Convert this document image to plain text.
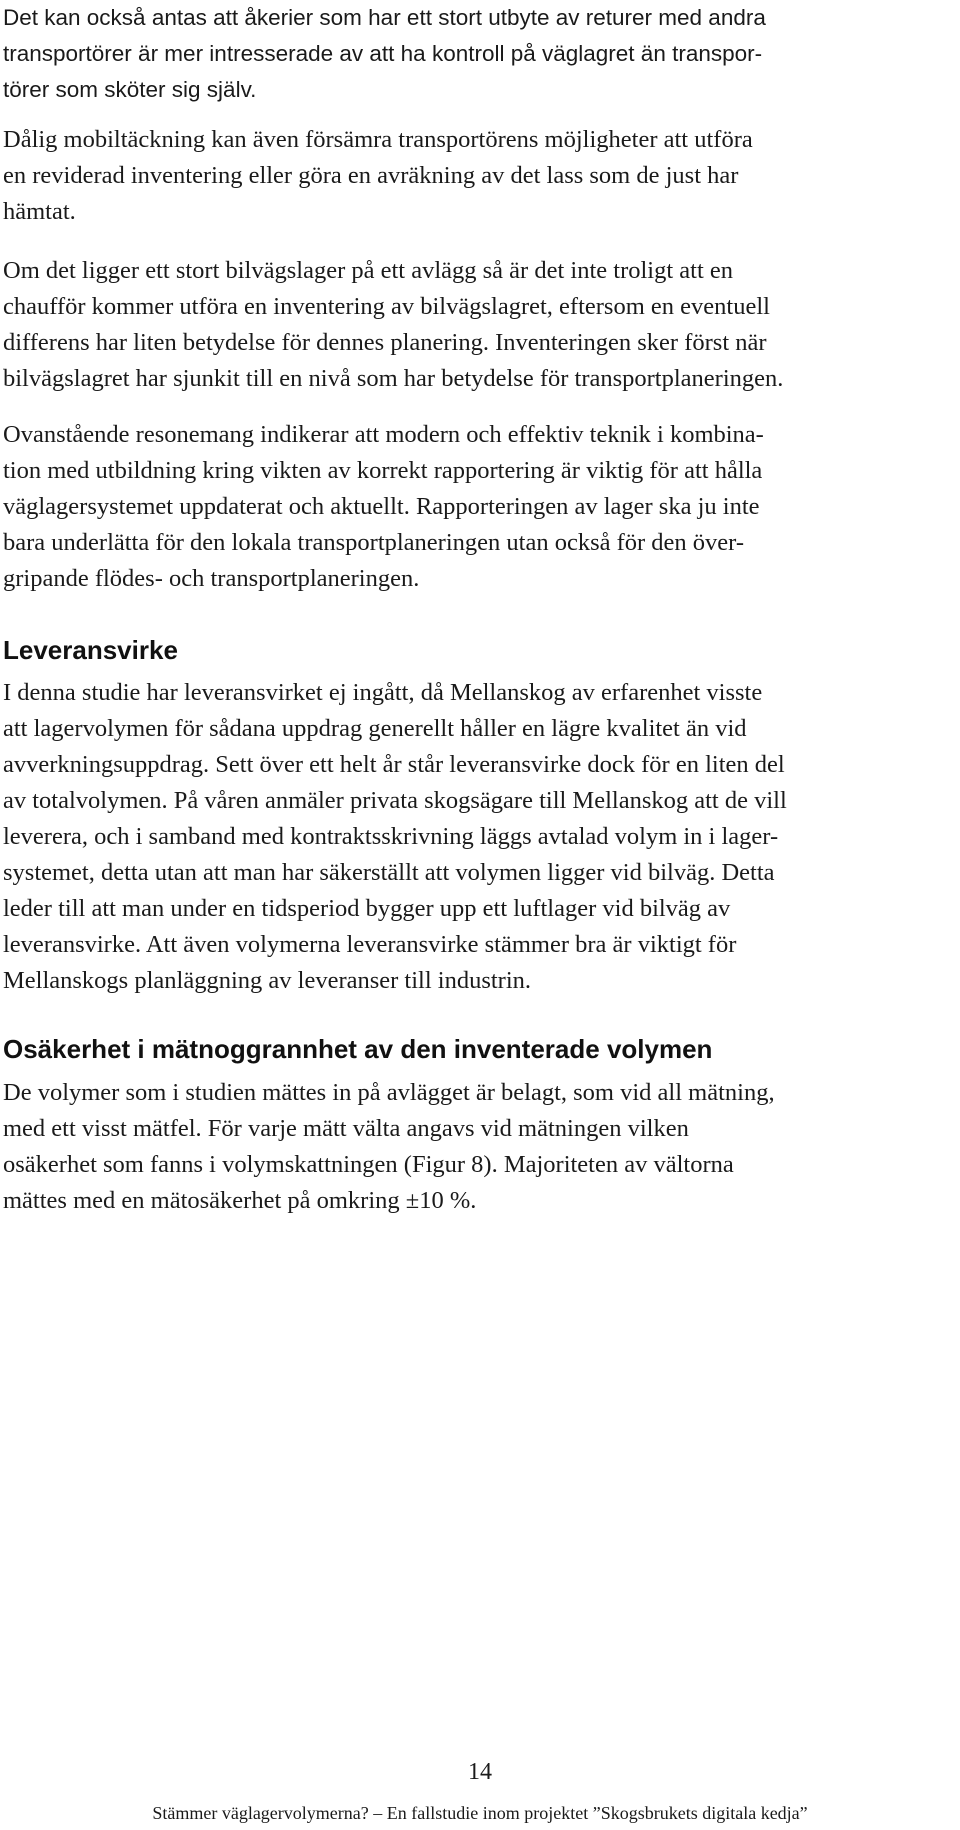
Det kan också antas att åkerier som har ett stort utbyte av returer med andra
transportörer är mer intresserade av att ha kontroll på väglagret än transpor-
törer som sköter sig själv.

Dålig mobiltäckning kan även försämra transportörens möjligheter att utföra
en reviderad inventering eller göra en avräkning av det lass som de just har
hämtat.

Om det ligger ett stort bilvägslager på ett avlägg så är det inte troligt att en
chaufför kommer utföra en inventering av bilvägslagret, eftersom en eventuell
differens har liten betydelse för dennes planering. Inventeringen sker först när
bilvägslagret har sjunkit till en nivå som har betydelse för transportplaneringen.

Ovanstående resonemang indikerar att modern och effektiv teknik i kombina-
tion med utbildning kring vikten av korrekt rapportering är viktig för att hålla
väglagersystemet uppdaterat och aktuellt. Rapporteringen av lager ska ju inte
bara underlätta för den lokala transportplaneringen utan också för den över-
gripande flödes- och transportplaneringen.

Leveransvirke

I denna studie har leveransvirket ej ingått, då Mellanskog av erfarenhet visste
att lagervolymen för sådana uppdrag generellt håller en lägre kvalitet än vid
avverkningsuppdrag. Sett över ett helt år står leveransvirke dock för en liten del
av totalvolymen. På våren anmäler privata skogsägare till Mellanskog att de vill
leverera, och i samband med kontraktsskrivning läggs avtalad volym in i lager-
systemet, detta utan att man har säkerställt att volymen ligger vid bilväg. Detta
leder till att man under en tidsperiod bygger upp ett luftlager vid bilväg av
leveransvirke. Att även volymerna leveransvirke stämmer bra är viktigt för
Mellanskogs planläggning av leveranser till industrin.

Osäkerhet i mätnoggrannhet av den inventerade volymen

De volymer som i studien mättes in på avlägget är belagt, som vid all mätning,
med ett visst mätfel. För varje mätt välta angavs vid mätningen vilken
osäkerhet som fanns i volymskattningen (Figur 8). Majoriteten av vältorna
mättes med en mätosäkerhet på omkring ±10 %.

14
Stämmer väglagervolymerna? – En fallstudie inom projektet ”Skogsbrukets digitala kedja”
